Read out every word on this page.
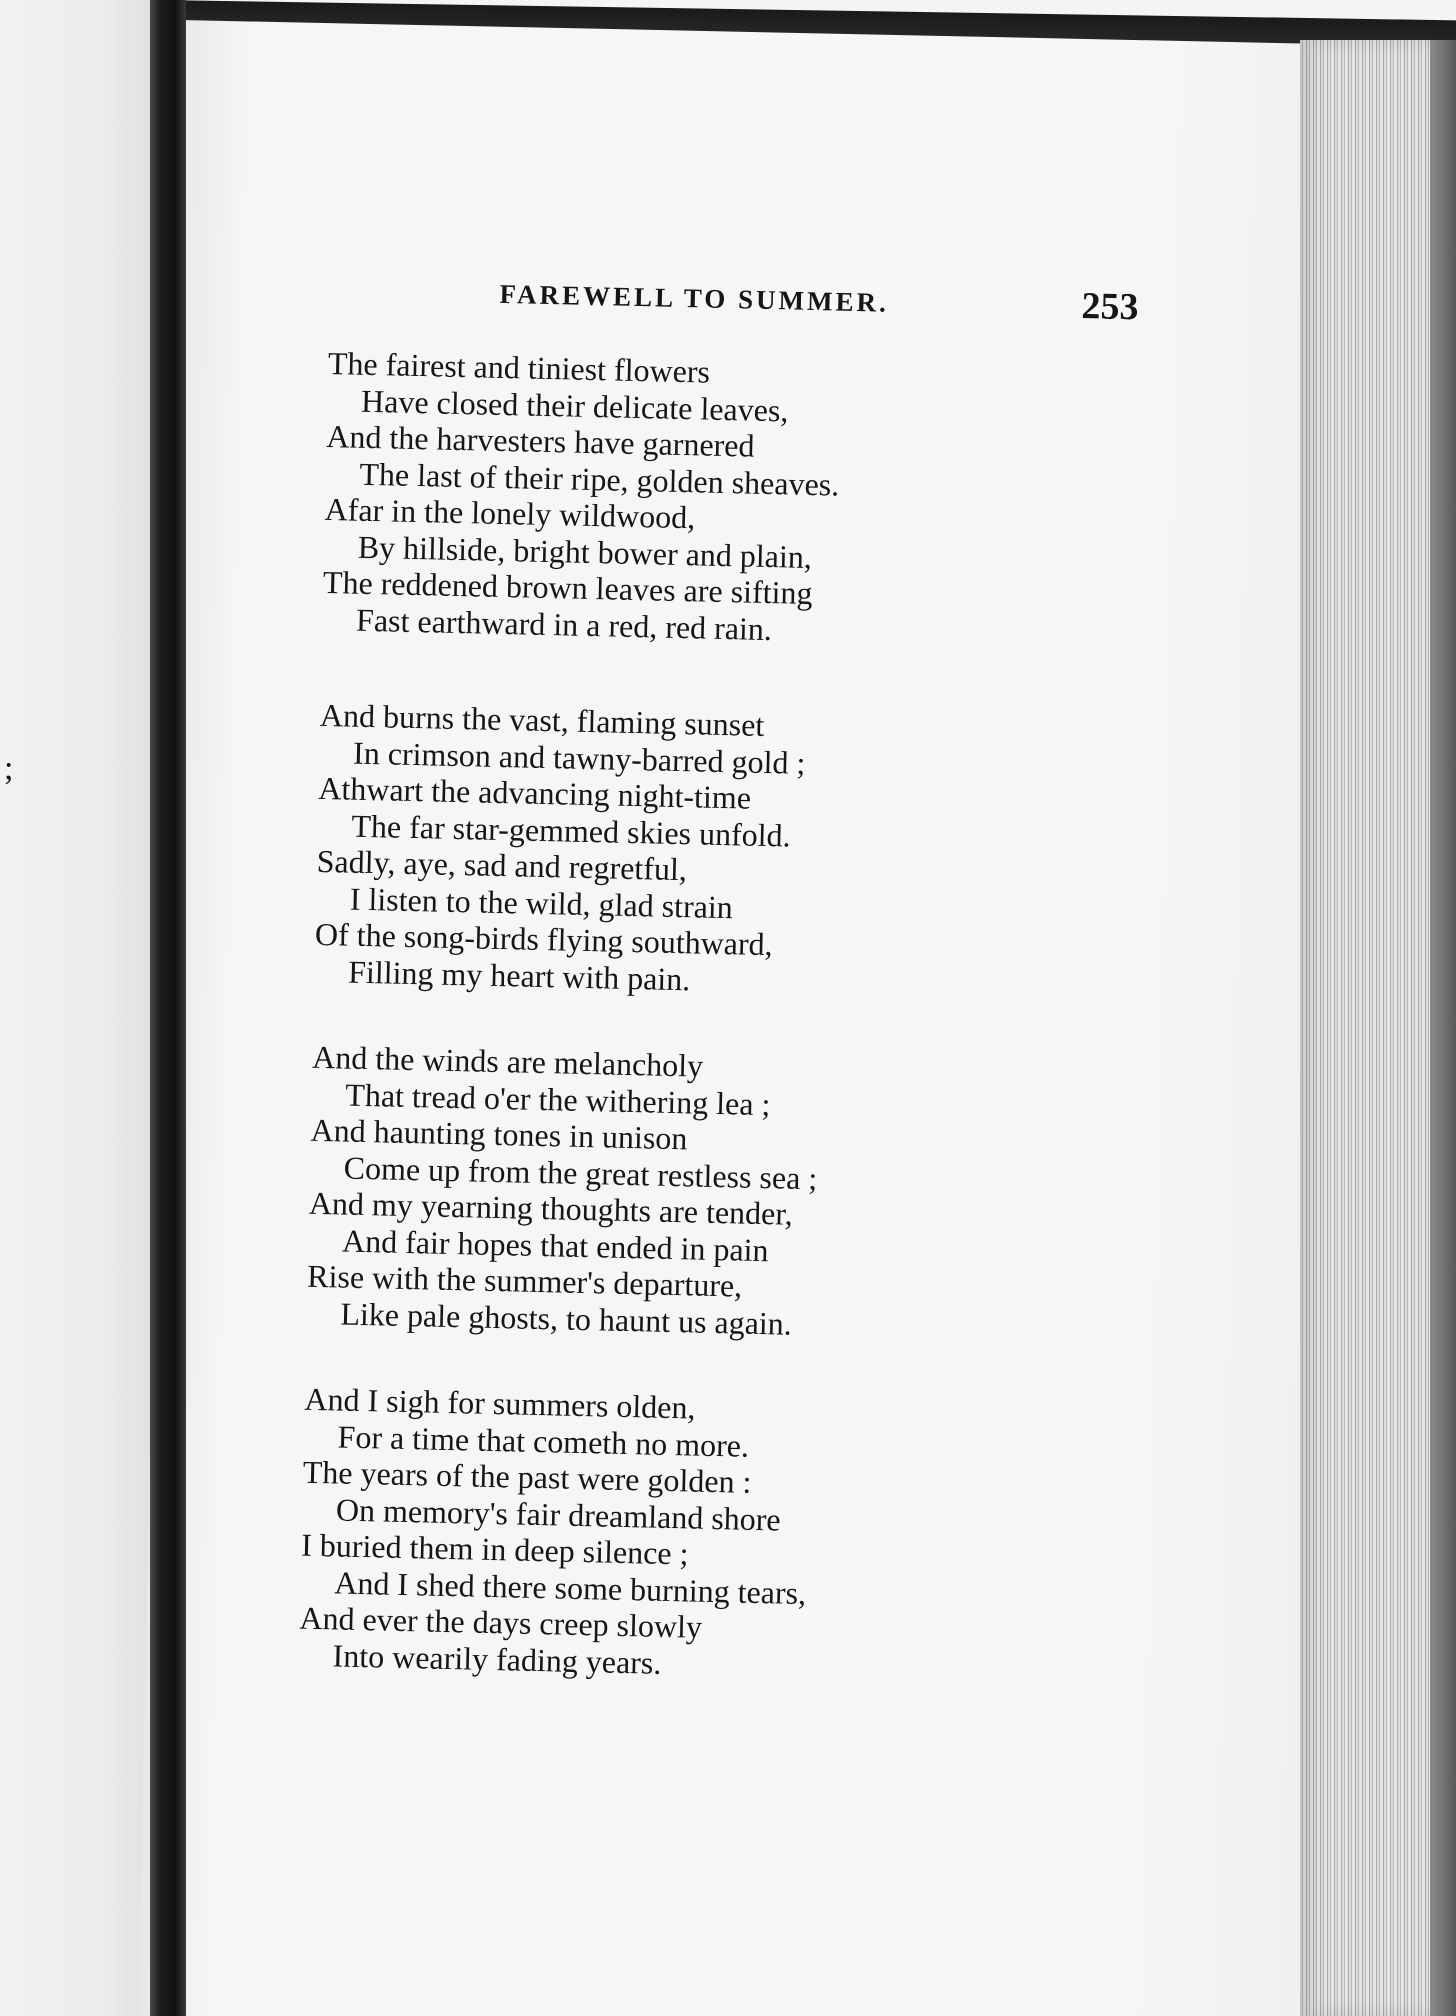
;
FAREWELL TO SUMMER.	253
The fairest and tiniest flowers
Have closed their delicate leaves,
And the harvesters have garnered
The last of their ripe, golden sheaves.
Afar in the lonely wildwood,
By hillside, bright bower and plain,
The reddened brown leaves are sifting
Fast earthward in a red, red rain.
And burns the vast, flaming sunset
In crimson and tawny-barred gold ;
Athwart the advancing night-time
The far star-gemmed skies unfold.
Sadly, aye, sad and regretful,
I listen to the wild, glad strain
Of the song-birds flying southward,
Filling my heart with pain.
And the winds are melancholy
That tread o'er the withering lea ;
And haunting tones in unison
Come up from the great restless sea ;
And my yearning thoughts are tender,
And fair hopes that ended in pain
Rise with the summer's departure,
Like pale ghosts, to haunt us again.
And I sigh for summers olden,
For a time that cometh no more.
The years of the past were golden :
On memory's fair dreamland shore
I buried them in deep silence ;
And I shed there some burning tears,
And ever the days creep slowly
Into wearily fading years.
